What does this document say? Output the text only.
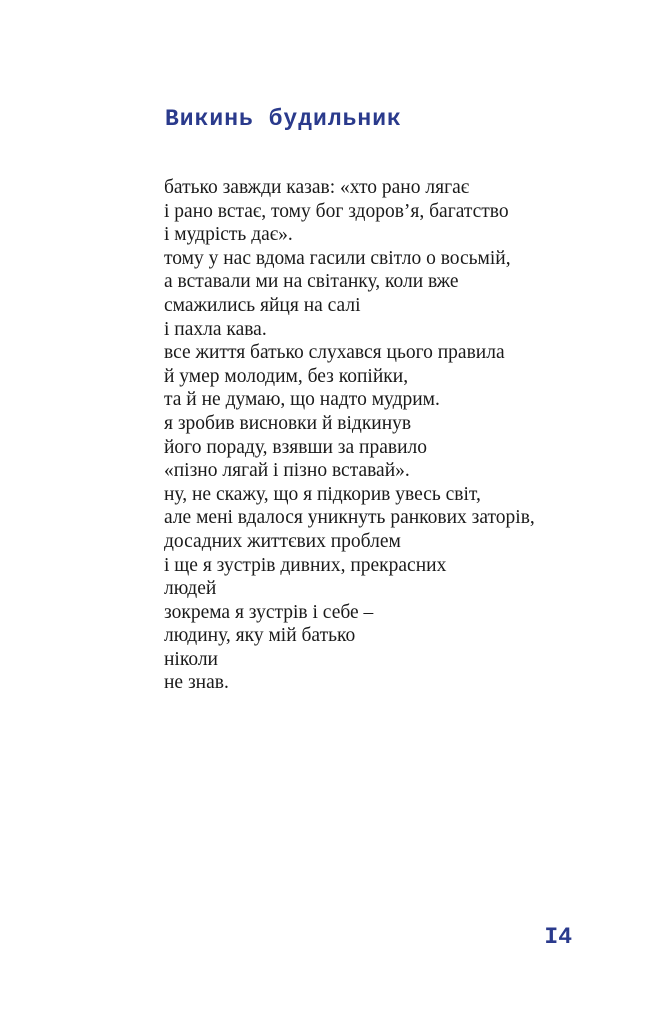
Викинь будильник
батько завжди казав: «хто рано лягає
і рано встає, тому бог здоров’я, багатство
і мудрість дає».
тому у нас вдома гасили світло о восьмій,
а вставали ми на світанку, коли вже
смажились яйця на салі
і пахла кава.
все життя батько слухався цього правила
й умер молодим, без копійки,
та й не думаю, що надто мудрим.
я зробив висновки й відкинув
його пораду, взявши за правило
«пізно лягай і пізно вставай».
ну, не скажу, що я підкорив увесь світ,
але мені вдалося уникнуть ранкових заторів,
досадних життєвих проблем
і ще я зустрів дивних, прекрасних
людей
зокрема я зустрів і себе –
людину, яку мій батько
ніколи
не знав.
I4
